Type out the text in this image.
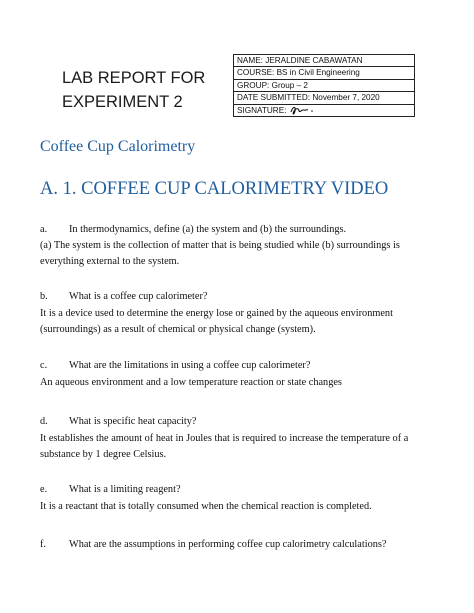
LAB REPORT FOR
EXPERIMENT 2
NAME: JERALDINE CABAWATAN
COURSE: BS in Civil Engineering
GROUP: Group – 2
DATE SUBMITTED: November 7, 2020
SIGNATURE:
Coffee Cup Calorimetry
A. 1. COFFEE CUP CALORIMETRY VIDEO
a. In thermodynamics, define (a) the system and (b) the surroundings.
(a) The system is the collection of matter that is being studied while (b) surroundings is everything external to the system.
b. What is a coffee cup calorimeter?
It is a device used to determine the energy lose or gained by the aqueous environment (surroundings) as a result of chemical or physical change (system).
c. What are the limitations in using a coffee cup calorimeter?
An aqueous environment and a low temperature reaction or state changes
d. What is specific heat capacity?
It establishes the amount of heat in Joules that is required to increase the temperature of a substance by 1 degree Celsius.
e. What is a limiting reagent?
It is a reactant that is totally consumed when the chemical reaction is completed.
f. What are the assumptions in performing coffee cup calorimetry calculations?
